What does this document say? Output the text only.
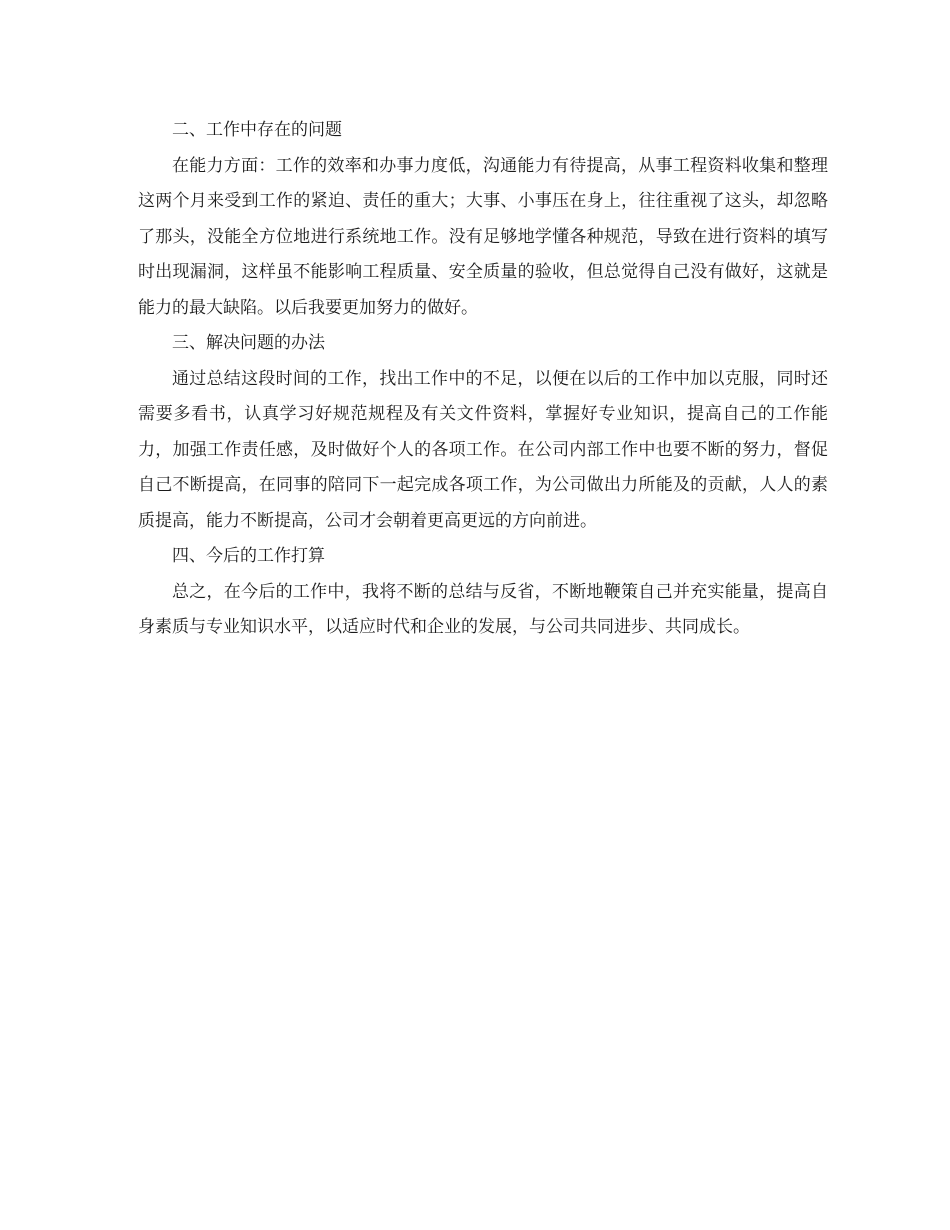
二、工作中存在的问题

在能力方面：工作的效率和办事力度低，沟通能力有待提高，从事工程资料收集和整理这两个月来受到工作的紧迫、责任的重大；大事、小事压在身上，往往重视了这头，却忽略了那头，没能全方位地进行系统地工作。没有足够地学懂各种规范，导致在进行资料的填写时出现漏洞，这样虽不能影响工程质量、安全质量的验收，但总觉得自己没有做好，这就是能力的最大缺陷。以后我要更加努力的做好。

三、解决问题的办法

通过总结这段时间的工作，找出工作中的不足，以便在以后的工作中加以克服，同时还需要多看书，认真学习好规范规程及有关文件资料，掌握好专业知识，提高自己的工作能力，加强工作责任感，及时做好个人的各项工作。在公司内部工作中也要不断的努力，督促自己不断提高，在同事的陪同下一起完成各项工作，为公司做出力所能及的贡献，人人的素质提高，能力不断提高，公司才会朝着更高更远的方向前进。

四、今后的工作打算

总之，在今后的工作中，我将不断的总结与反省，不断地鞭策自己并充实能量，提高自身素质与专业知识水平，以适应时代和企业的发展，与公司共同进步、共同成长。
